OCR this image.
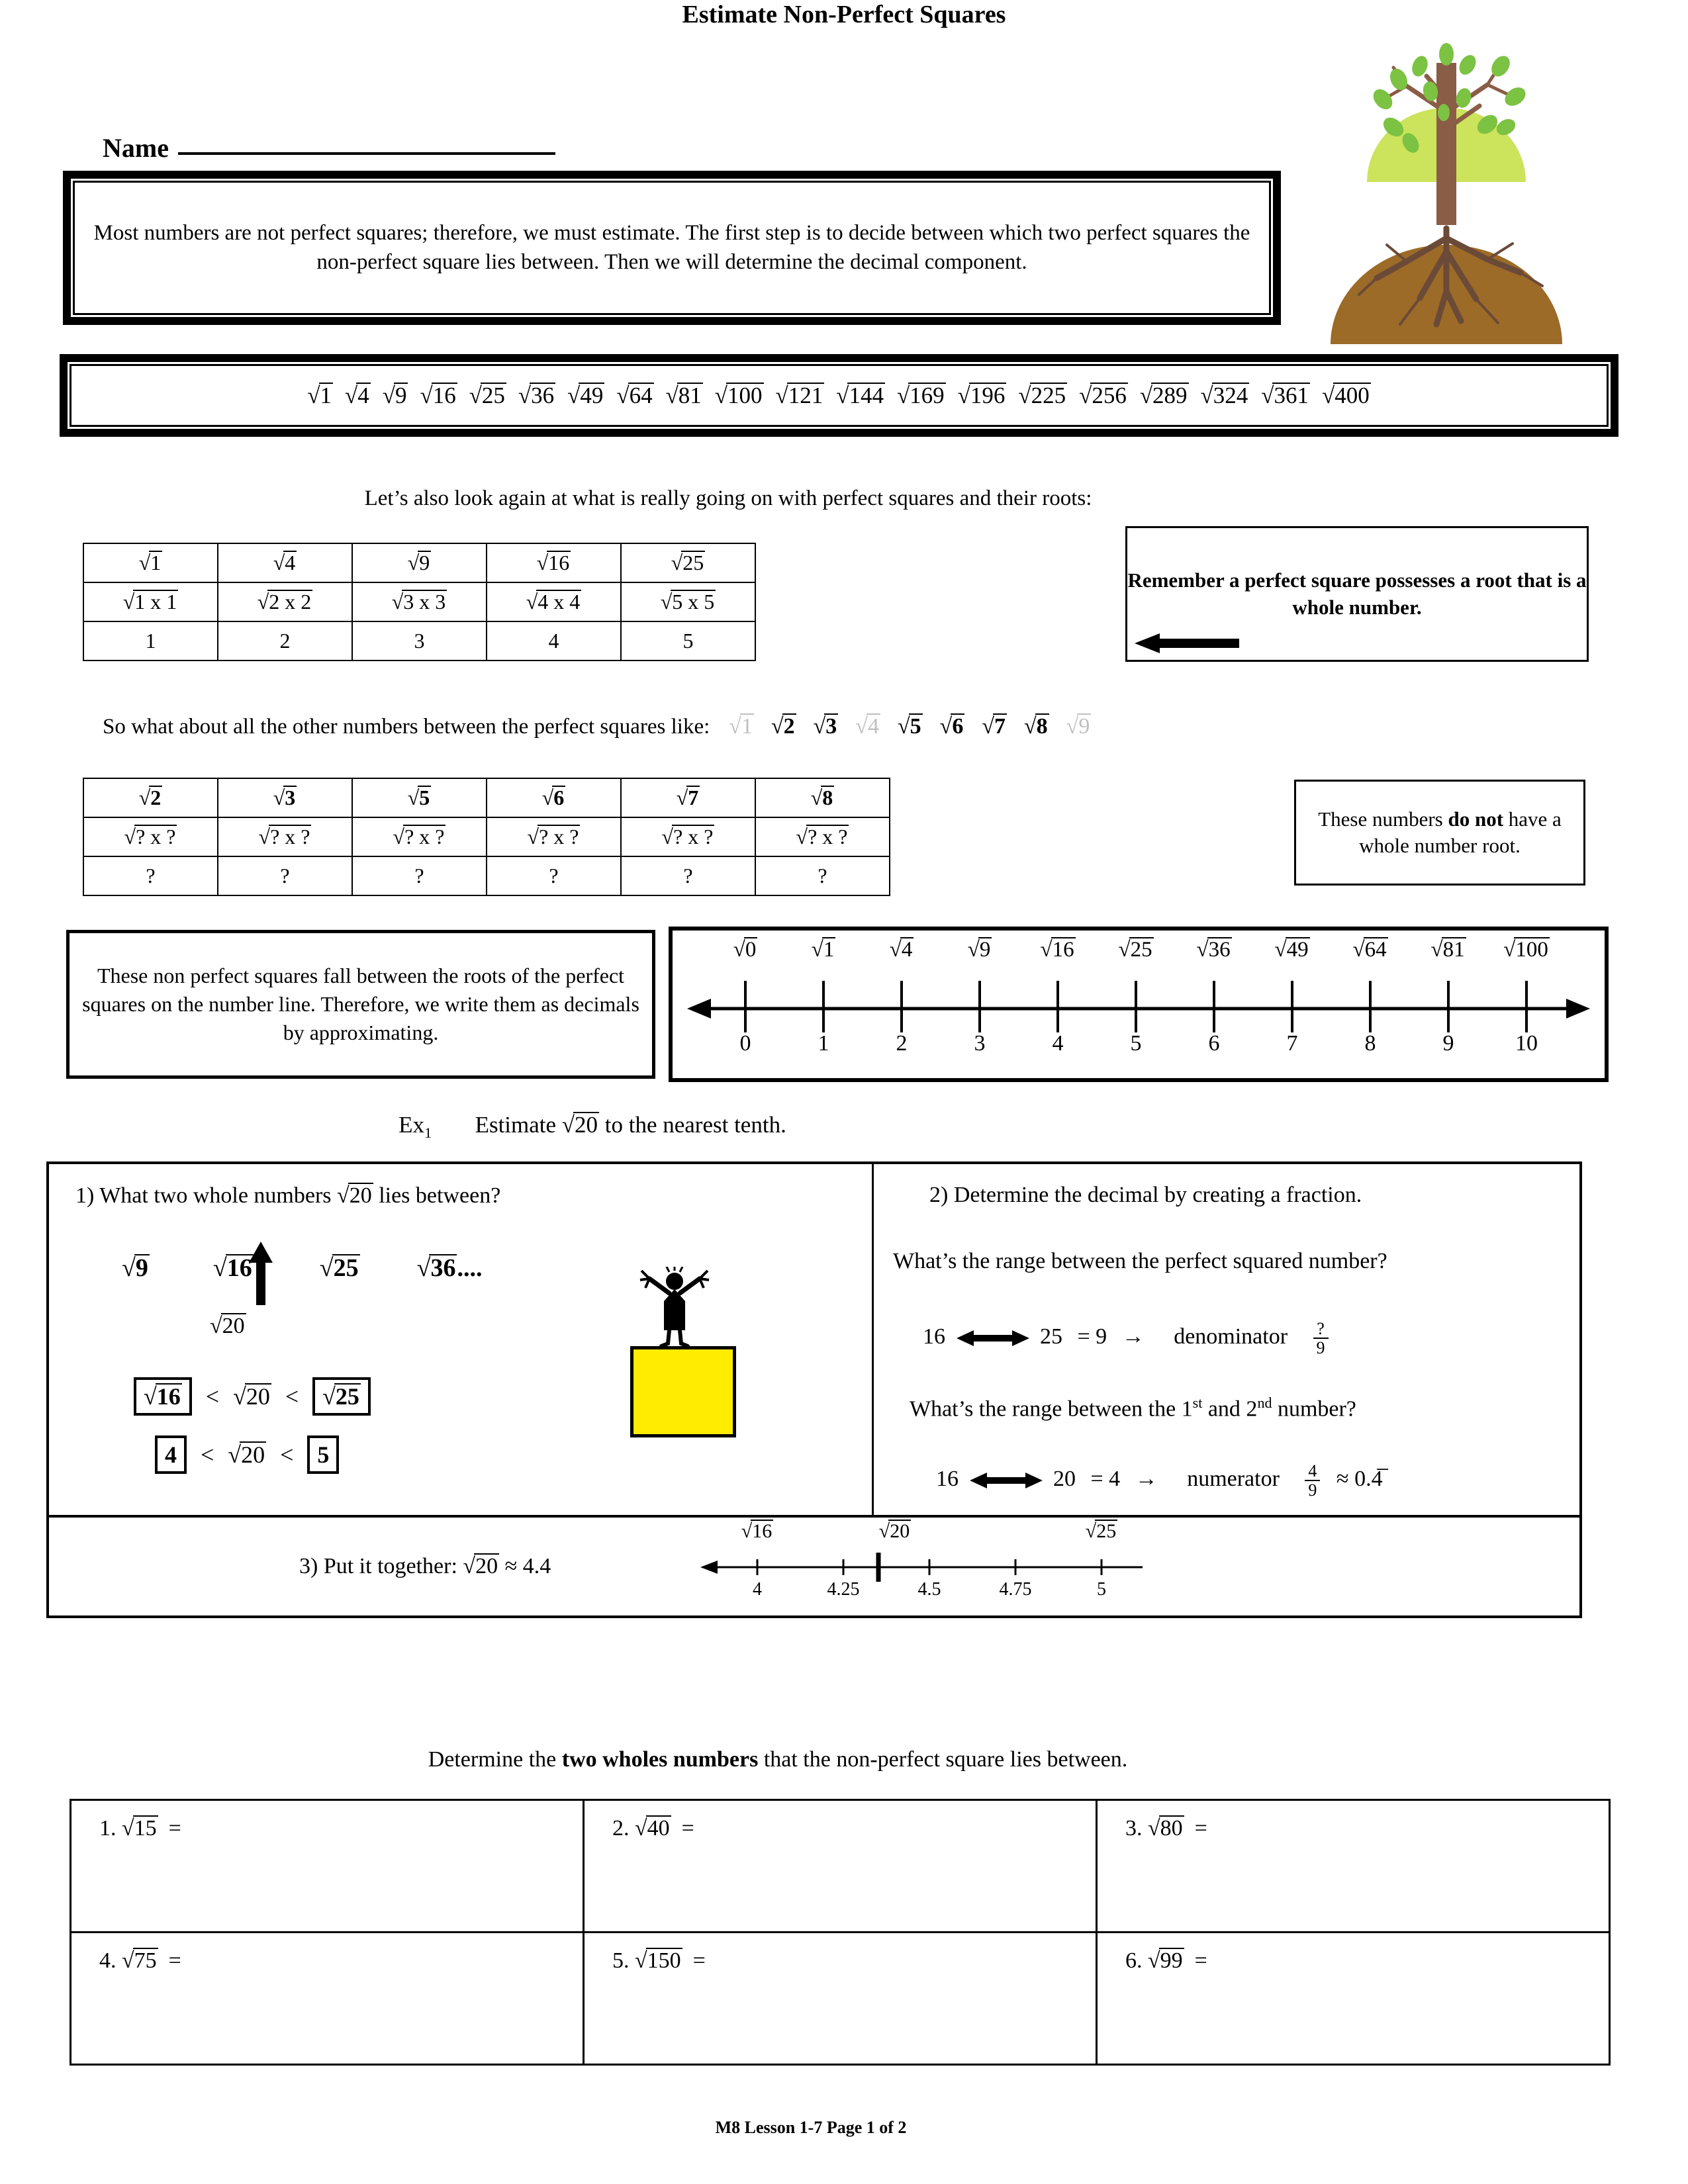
Estimate Non-Perfect Squares
Name
Most numbers are not perfect squares; therefore, we must estimate. The first step is to decide between which two perfect squares the non-perfect square lies between. Then we will determine the decimal component.
√1 √4 √9 √16 √25 √36 √49 √64 √81 √100 √121 √144 √169 √196 √225 √256 √289 √324 √361 √400
Let’s also look again at what is really going on with perfect squares and their roots:
√1	√4	√9	√16	√25
√1 x 1	√2 x 2	√3 x 3	√4 x 4	√5 x 5
1	2	3	4	5
Remember a perfect square possesses a root that is a whole number.
So what about all the other numbers between the perfect squares like: √1 √2 √3 √4 √5 √6 √7 √8 √9
√2	√3	√5	√6	√7	√8
√? x ?	√? x ?	√? x ?	√? x ?	√? x ?	√? x ?
?	?	?	?	?	?
These numbers do not have a whole number root.
These non perfect squares fall between the roots of the perfect squares on the number line. Therefore, we write them as decimals by approximating.
√0	√1	√4	√9	√16	√25	√36	√49	√64	√81	√100
0	1	2	3	4	5	6	7	8	9	10
$Ex_1$ Estimate √20 to the nearest tenth.
1) What two whole numbers √20 lies between?
√9	√16	√25 √36....
√20
√16 < √20 < √25
4 < √20 < 5
2) Determine the decimal by creating a fraction.
What’s the range between the perfect squared number?
16	25 = 9 → denominator $\frac{?}{9}$
What’s the range between the 1st and 2nd number?
16	20 = 4 → numerator $\frac{4}{9}$ ≈ 0.4̅
3) Put it together: √20 ≈ 4.4
√16	√20	√25
4	4.25	4.5	4.75	5
Determine the two wholes numbers that the non-perfect square lies between.
1. √15 =	2. √40 =	3. √80 =
4. √75 =	5. √150 =	6. √99 =
M8 Lesson 1-7 Page 1 of 2
